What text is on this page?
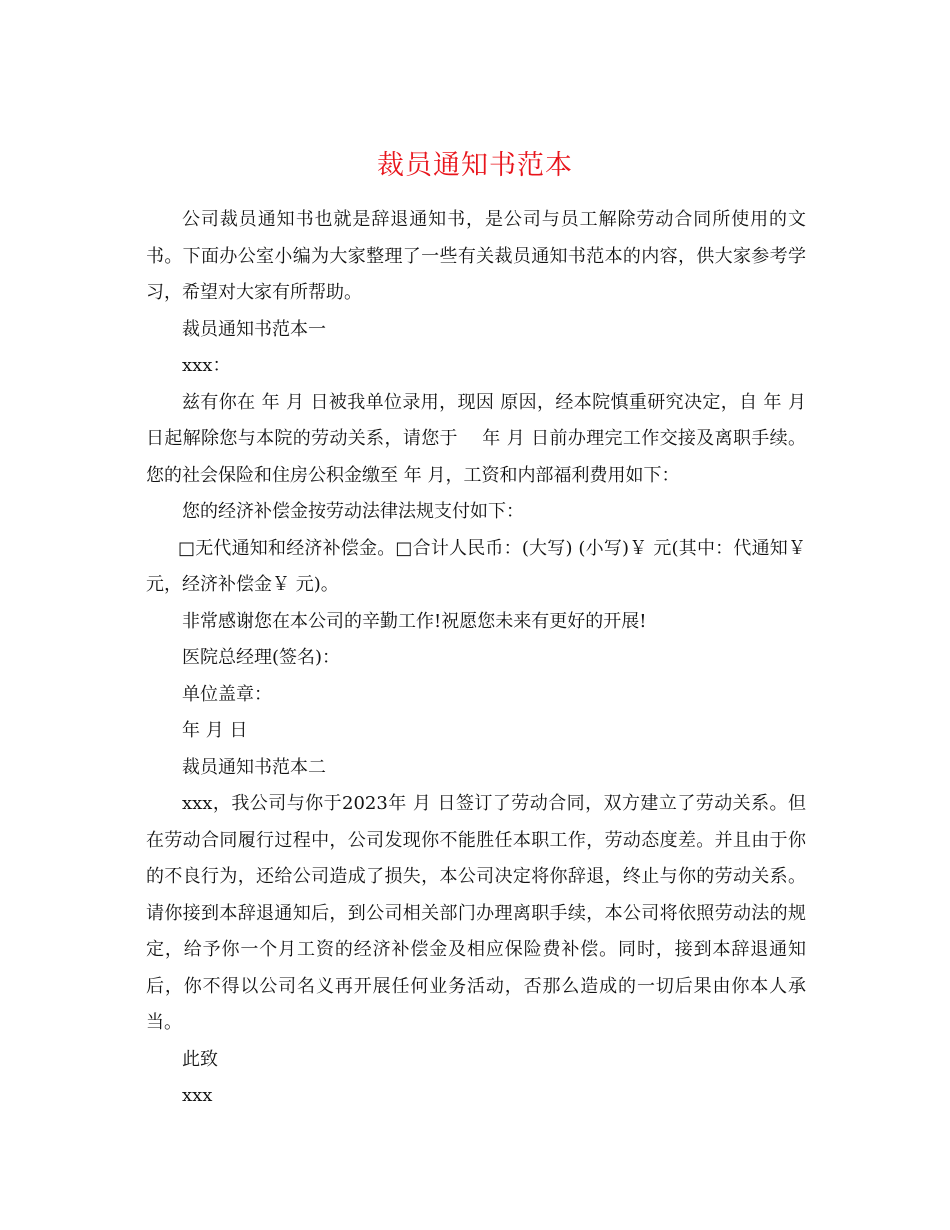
裁员通知书范本

公司裁员通知书也就是辞退通知书，是公司与员工解除劳动合同所使用的文书。下面办公室小编为大家整理了一些有关裁员通知书范本的内容，供大家参考学习，希望对大家有所帮助。

裁员通知书范本一

xxx：

兹有你在 年 月 日被我单位录用，现因 原因，经本院慎重研究决定，自 年 月 日起解除您与本院的劳动关系，请您于　 年 月 日前办理完工作交接及离职手续。您的社会保险和住房公积金缴至 年 月，工资和内部福利费用如下：

您的经济补偿金按劳动法律法规支付如下：

□无代通知和经济补偿金。□合计人民币：(大写) (小写)￥ 元(其中：代通知￥ 元，经济补偿金￥ 元)。

非常感谢您在本公司的辛勤工作!祝愿您未来有更好的开展!

医院总经理(签名)：

单位盖章：

年 月 日

裁员通知书范本二

xxx，我公司与你于2023年 月 日签订了劳动合同，双方建立了劳动关系。但在劳动合同履行过程中，公司发现你不能胜任本职工作，劳动态度差。并且由于你的不良行为，还给公司造成了损失，本公司决定将你辞退，终止与你的劳动关系。请你接到本辞退通知后，到公司相关部门办理离职手续，本公司将依照劳动法的规定，给予你一个月工资的经济补偿金及相应保险费补偿。同时，接到本辞退通知后，你不得以公司名义再开展任何业务活动，否那么造成的一切后果由你本人承当。

此致

xxx
